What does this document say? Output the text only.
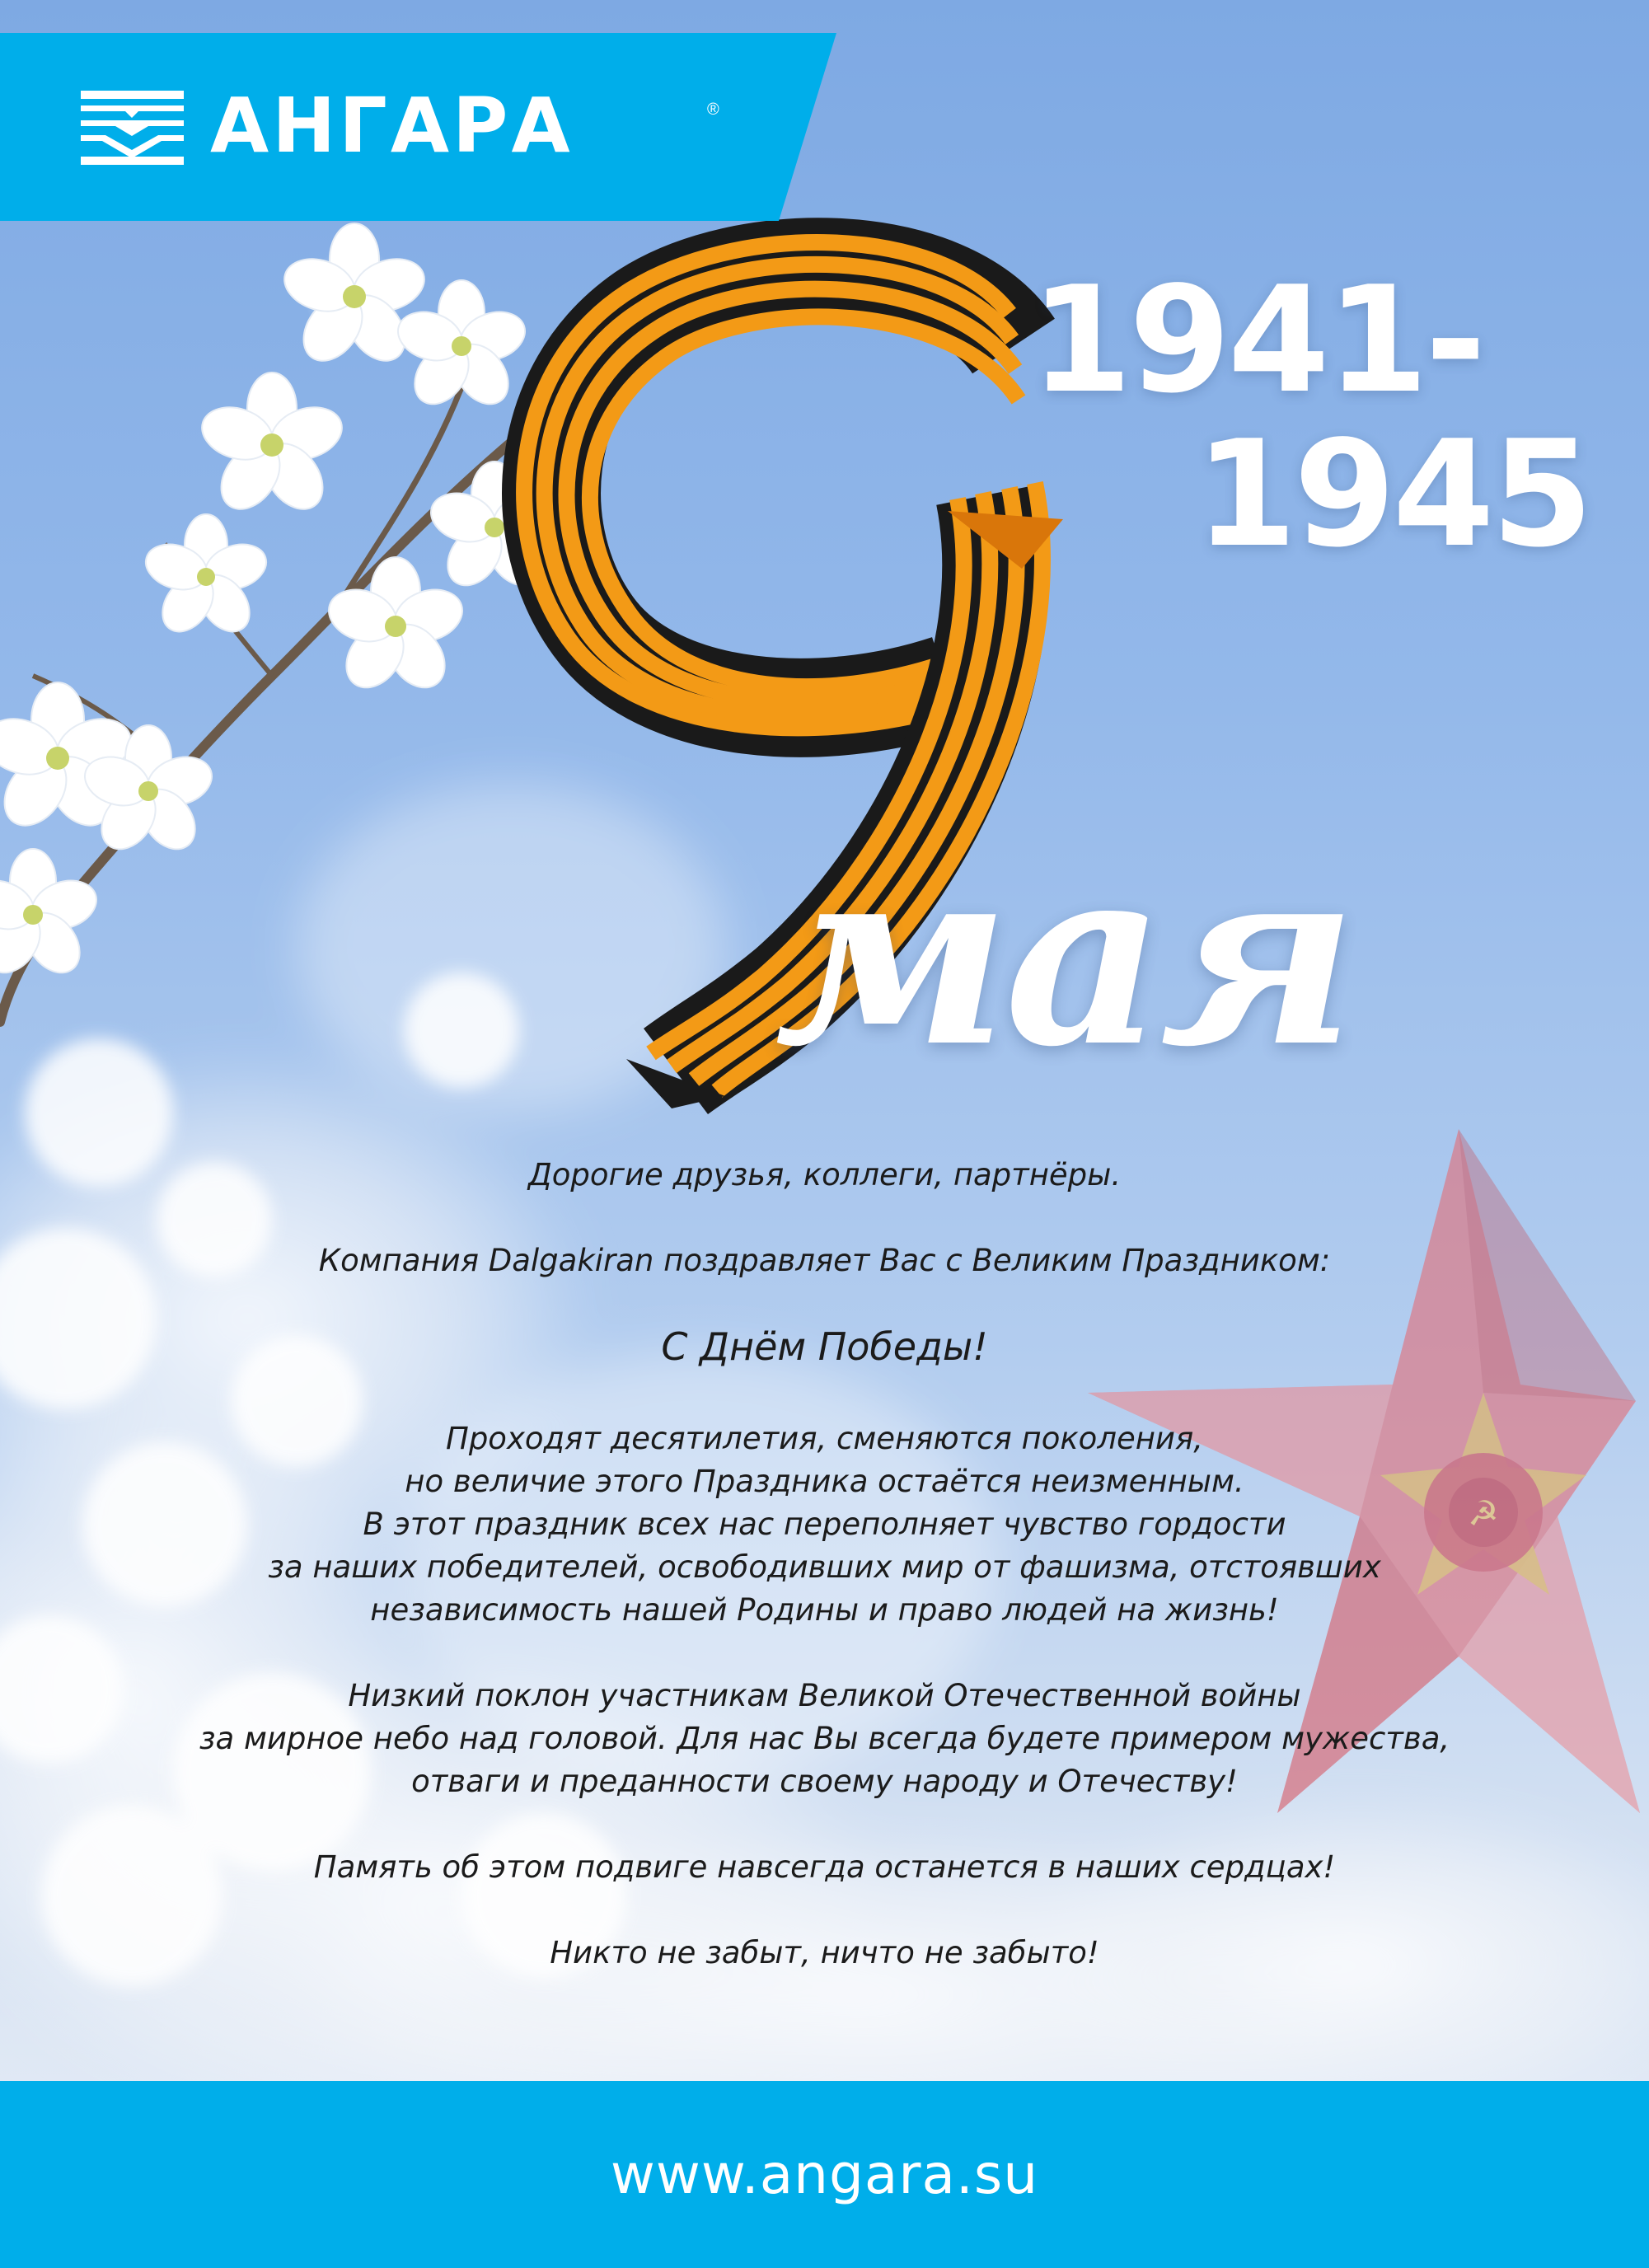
☭
АНГАРА	®
1941-
1945
мая
Дорогие друзья, коллеги, партнёры.
Компания Dalgakiran поздравляет Вас с Великим Праздником:
С Днём Победы!
Проходят десятилетия, сменяются поколения,
но величие этого Праздника остаётся неизменным.
В этот праздник всех нас переполняет чувство гордости
за наших победителей, освободивших мир от фашизма, отстоявших
независимость нашей Родины и право людей на жизнь!
Низкий поклон участникам Великой Отечественной войны
за мирное небо над головой. Для нас Вы всегда будете примером мужества,
отваги и преданности своему народу и Отечеству!
Память об этом подвиге навсегда останется в наших сердцах!
Никто не забыт, ничто не забыто!
www.angara.su
